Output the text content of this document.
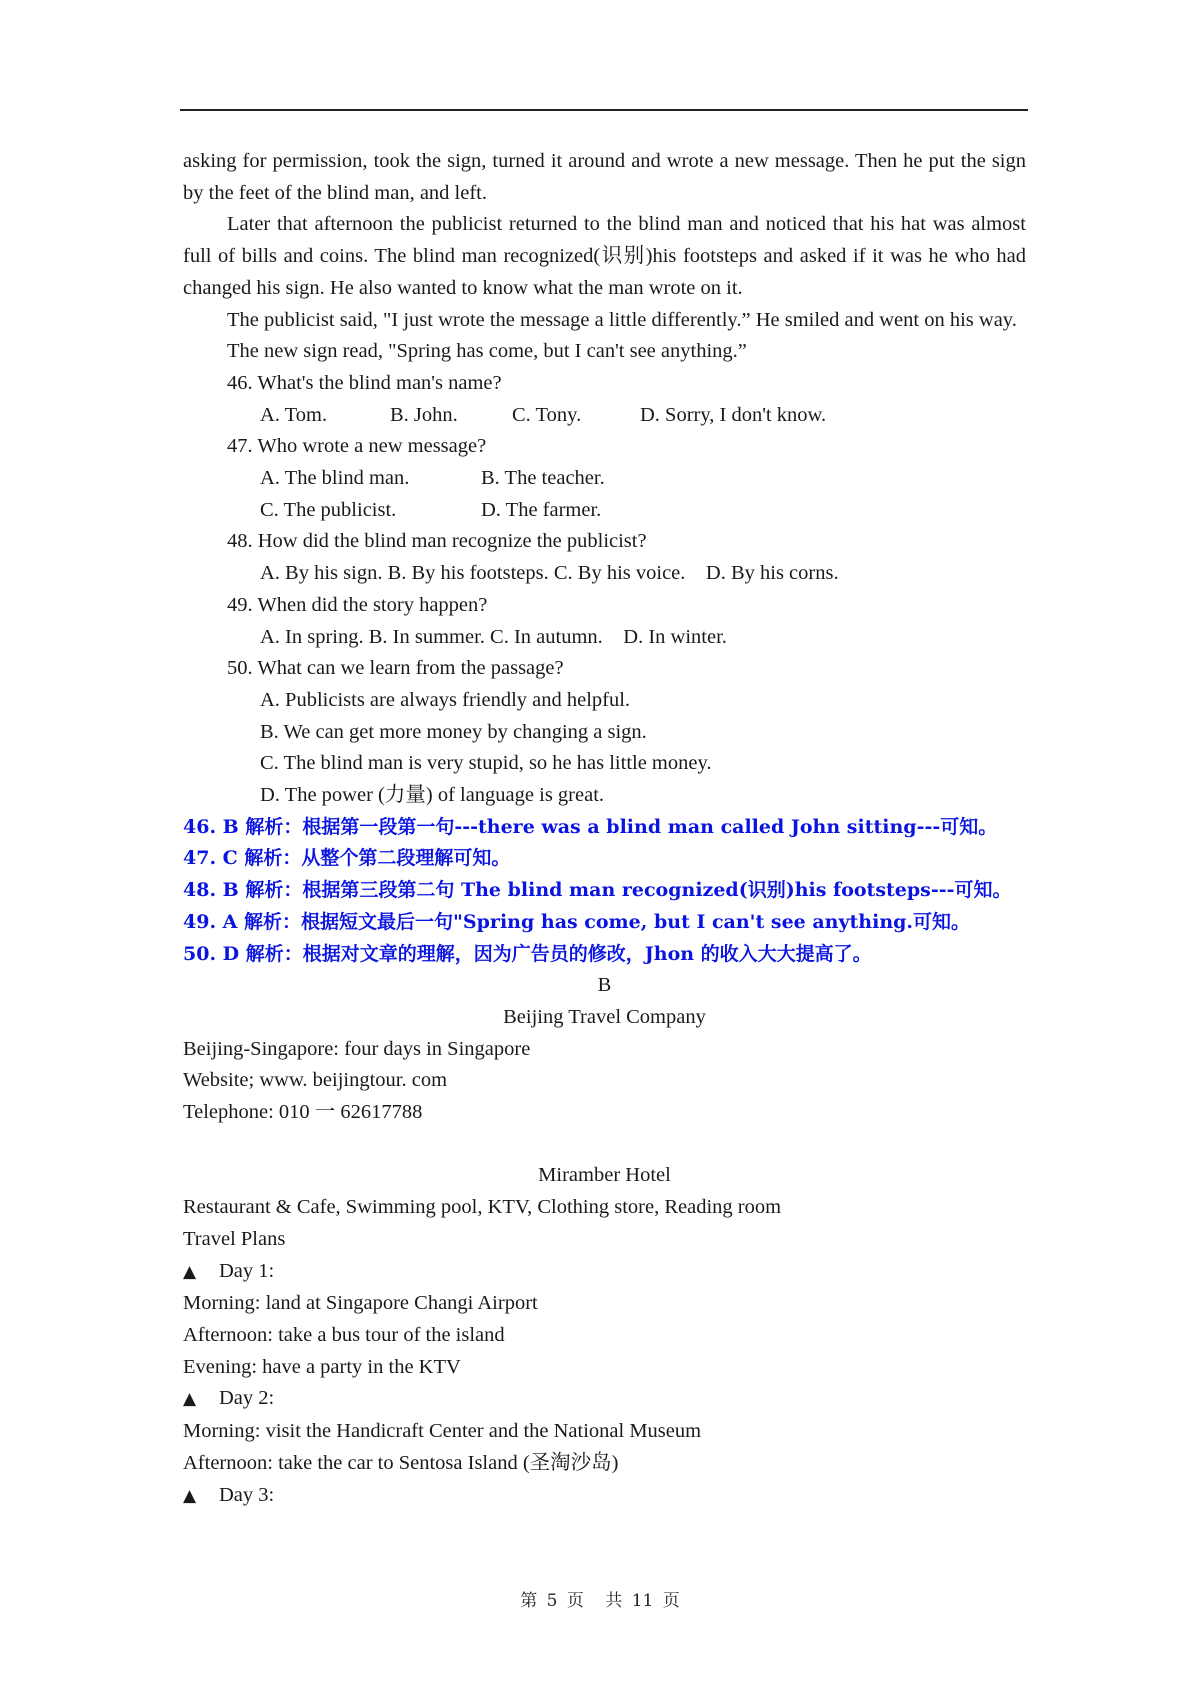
asking for permission, took the sign, turned it around and wrote a new message. Then he put the sign by the feet of the blind man, and left.

Later that afternoon the publicist returned to the blind man and noticed that his hat was almost full of bills and coins. The blind man recognized(识别)his footsteps and asked if it was he who had changed his sign. He also wanted to know what the man wrote on it.

The publicist said, "I just wrote the message a little differently.” He smiled and went on his way.

The new sign read, "Spring has come, but I can't see anything.”

46. What's the blind man's name?

A. Tom.	B. John.	C. Tony.	D. Sorry, I don't know.

47. Who wrote a new message?

A. The blind man.	B. The teacher.
C. The publicist.	D. The farmer.

48. How did the blind man recognize the publicist?

A. By his sign. B. By his footsteps. C. By his voice.    D. By his corns.

49. When did the story happen?

A. In spring. B. In summer. C. In autumn.    D. In winter.

50. What can we learn from the passage?

A. Publicists are always friendly and helpful.

B. We can get more money by changing a sign.

C. The blind man is very stupid, so he has little money.

D. The power (力量) of language is great.

46. B 解析：根据第一段第一句---there was a blind man called John sitting---可知。

47. C 解析：从整个第二段理解可知。

48. B 解析：根据第三段第二句 The blind man recognized(识别)his footsteps---可知。

49. A 解析：根据短文最后一句"Spring has come, but I can't see anything.可知。

50. D 解析：根据对文章的理解，因为广告员的修改，Jhon 的收入大大提高了。

B

Beijing Travel Company

Beijing-Singapore: four days in Singapore

Website; www. beijingtour. com

Telephone: 010 一 62617788

Miramber Hotel

Restaurant & Cafe, Swimming pool, KTV, Clothing store, Reading room

Travel Plans

▲ Day 1:

Morning: land at Singapore Changi Airport

Afternoon: take a bus tour of the island

Evening: have a party in the KTV

▲ Day 2:

Morning: visit the Handicraft Center and the National Museum

Afternoon: take the car to Sentosa Island (圣淘沙岛)

▲ Day 3:

第 5 页 共 11 页
